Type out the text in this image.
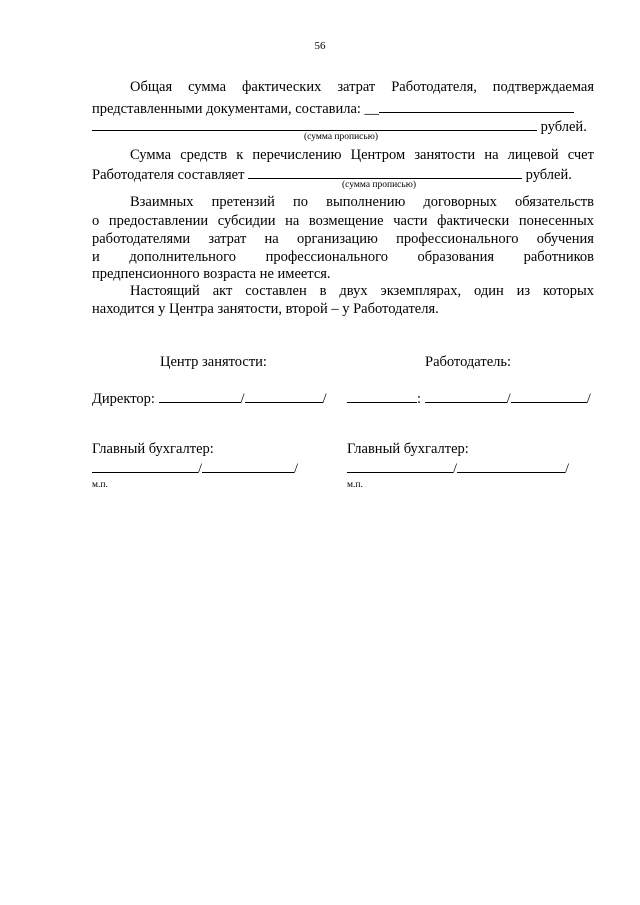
56
Общая сумма фактических затрат Работодателя, подтверждаемая
представленными документами, составила: __
рублей.
(сумма прописью)
Сумма средств к перечислению Центром занятости на лицевой счет
Работодателя составляет	рублей.
(сумма прописью)
Взаимных претензий по выполнению договорных обязательств
о предоставлении субсидии на возмещение части фактически понесенных
работодателями затрат на организацию профессионального обучения
и дополнительного профессионального образования работников
предпенсионного возраста не имеется.
Настоящий акт составлен в двух экземплярах, один из которых
находится у Центра занятости, второй – у Работодателя.
Центр занятости:	Работодатель:
Директор:	/	/	:	/	/
Главный бухгалтер:	Главный бухгалтер:
/	/	/	/
м.п.	м.п.
